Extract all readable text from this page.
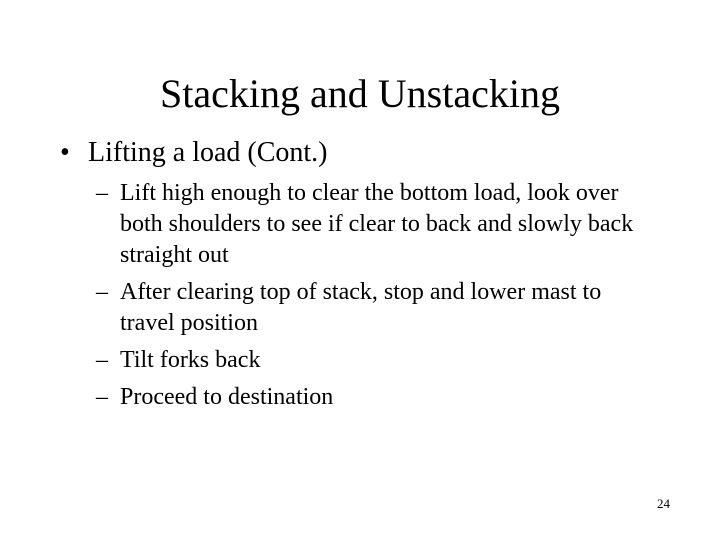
Stacking and Unstacking
• Lifting a load (Cont.)
– Lift high enough to clear the bottom load, look over both shoulders to see if clear to back and slowly back straight out
– After clearing top of stack, stop and lower mast to travel position
– Tilt forks back
– Proceed to destination
24
